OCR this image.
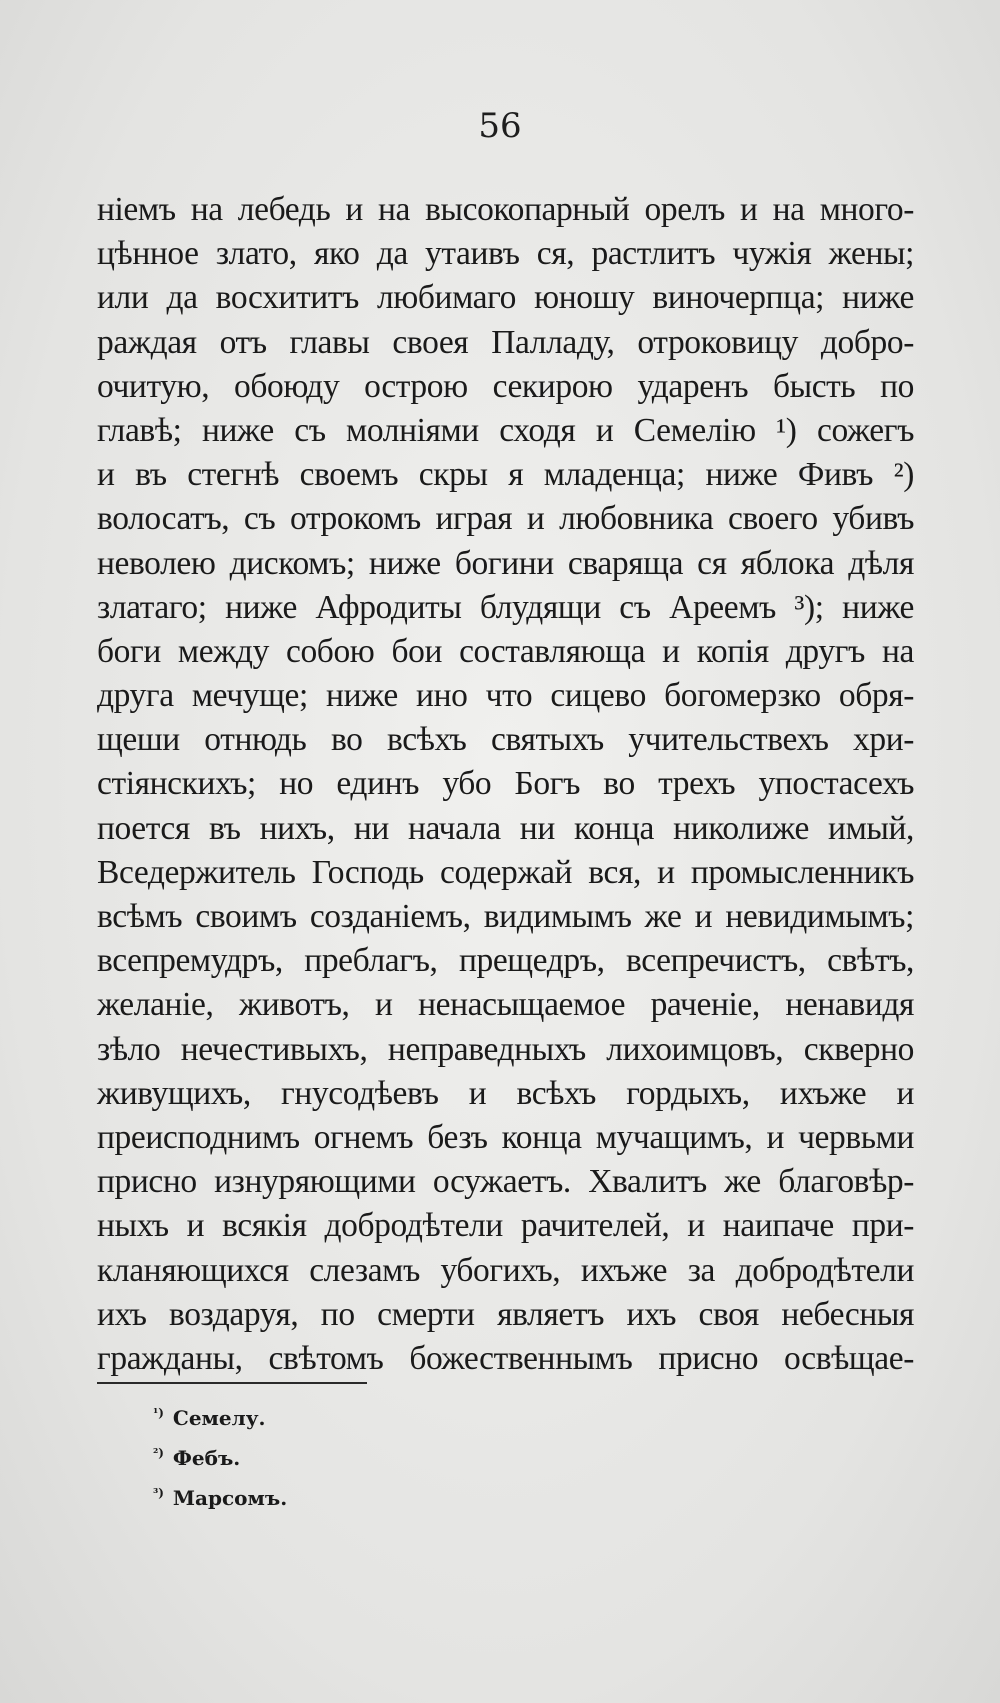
56
ніемъ на лебедь и на высокопарный орелъ и на много-
цѣнное злато, яко да утаивъ ся, растлитъ чужія жены;
или да восхититъ любимаго юношу виночерпца; ниже
раждая отъ главы своея Палладу, отроковицу добро-
очитую, обоюду острою секирою ударенъ бысть по
главѣ; ниже съ молніями сходя и Семелію ¹) сожегъ
и въ стегнѣ своемъ скры я младенца; ниже Фивъ ²)
волосатъ, съ отрокомъ играя и любовника своего убивъ
неволею дискомъ; ниже богини сваряща ся яблока дѣля
златаго; ниже Афродиты блудящи съ Ареемъ ³); ниже
боги между собою бои составляюща и копія другъ на
друга мечуще; ниже ино что сицево богомерзко обря-
щеши отнюдь во всѣхъ святыхъ учительствехъ хри-
стіянскихъ; но единъ убо Богъ во трехъ упостасехъ
поется въ нихъ, ни начала ни конца николиже имый,
Вседержитель Господь содержай вся, и промысленникъ
всѣмъ своимъ созданіемъ, видимымъ же и невидимымъ;
всепремудръ, преблагъ, прещедръ, всепречистъ, свѣтъ,
желаніе, животъ, и ненасыщаемое раченіе, ненавидя
зѣло нечестивыхъ, неправедныхъ лихоимцовъ, скверно
живущихъ, гнусодѣевъ и всѣхъ гордыхъ, ихъже и
преисподнимъ огнемъ безъ конца мучащимъ, и червьми
присно изнуряющими осужаетъ. Хвалитъ же благовѣр-
ныхъ и всякія добродѣтели рачителей, и наипаче при-
кланяющихся слезамъ убогихъ, ихъже за добродѣтели
ихъ воздаруя, по смерти являетъ ихъ своя небесныя
гражданы, свѣтомъ божественнымъ присно освѣщае-
$^{^1)}$ Семелу.
$^{^2)}$ Фебъ.
$^{^3)}$ Марсомъ.
